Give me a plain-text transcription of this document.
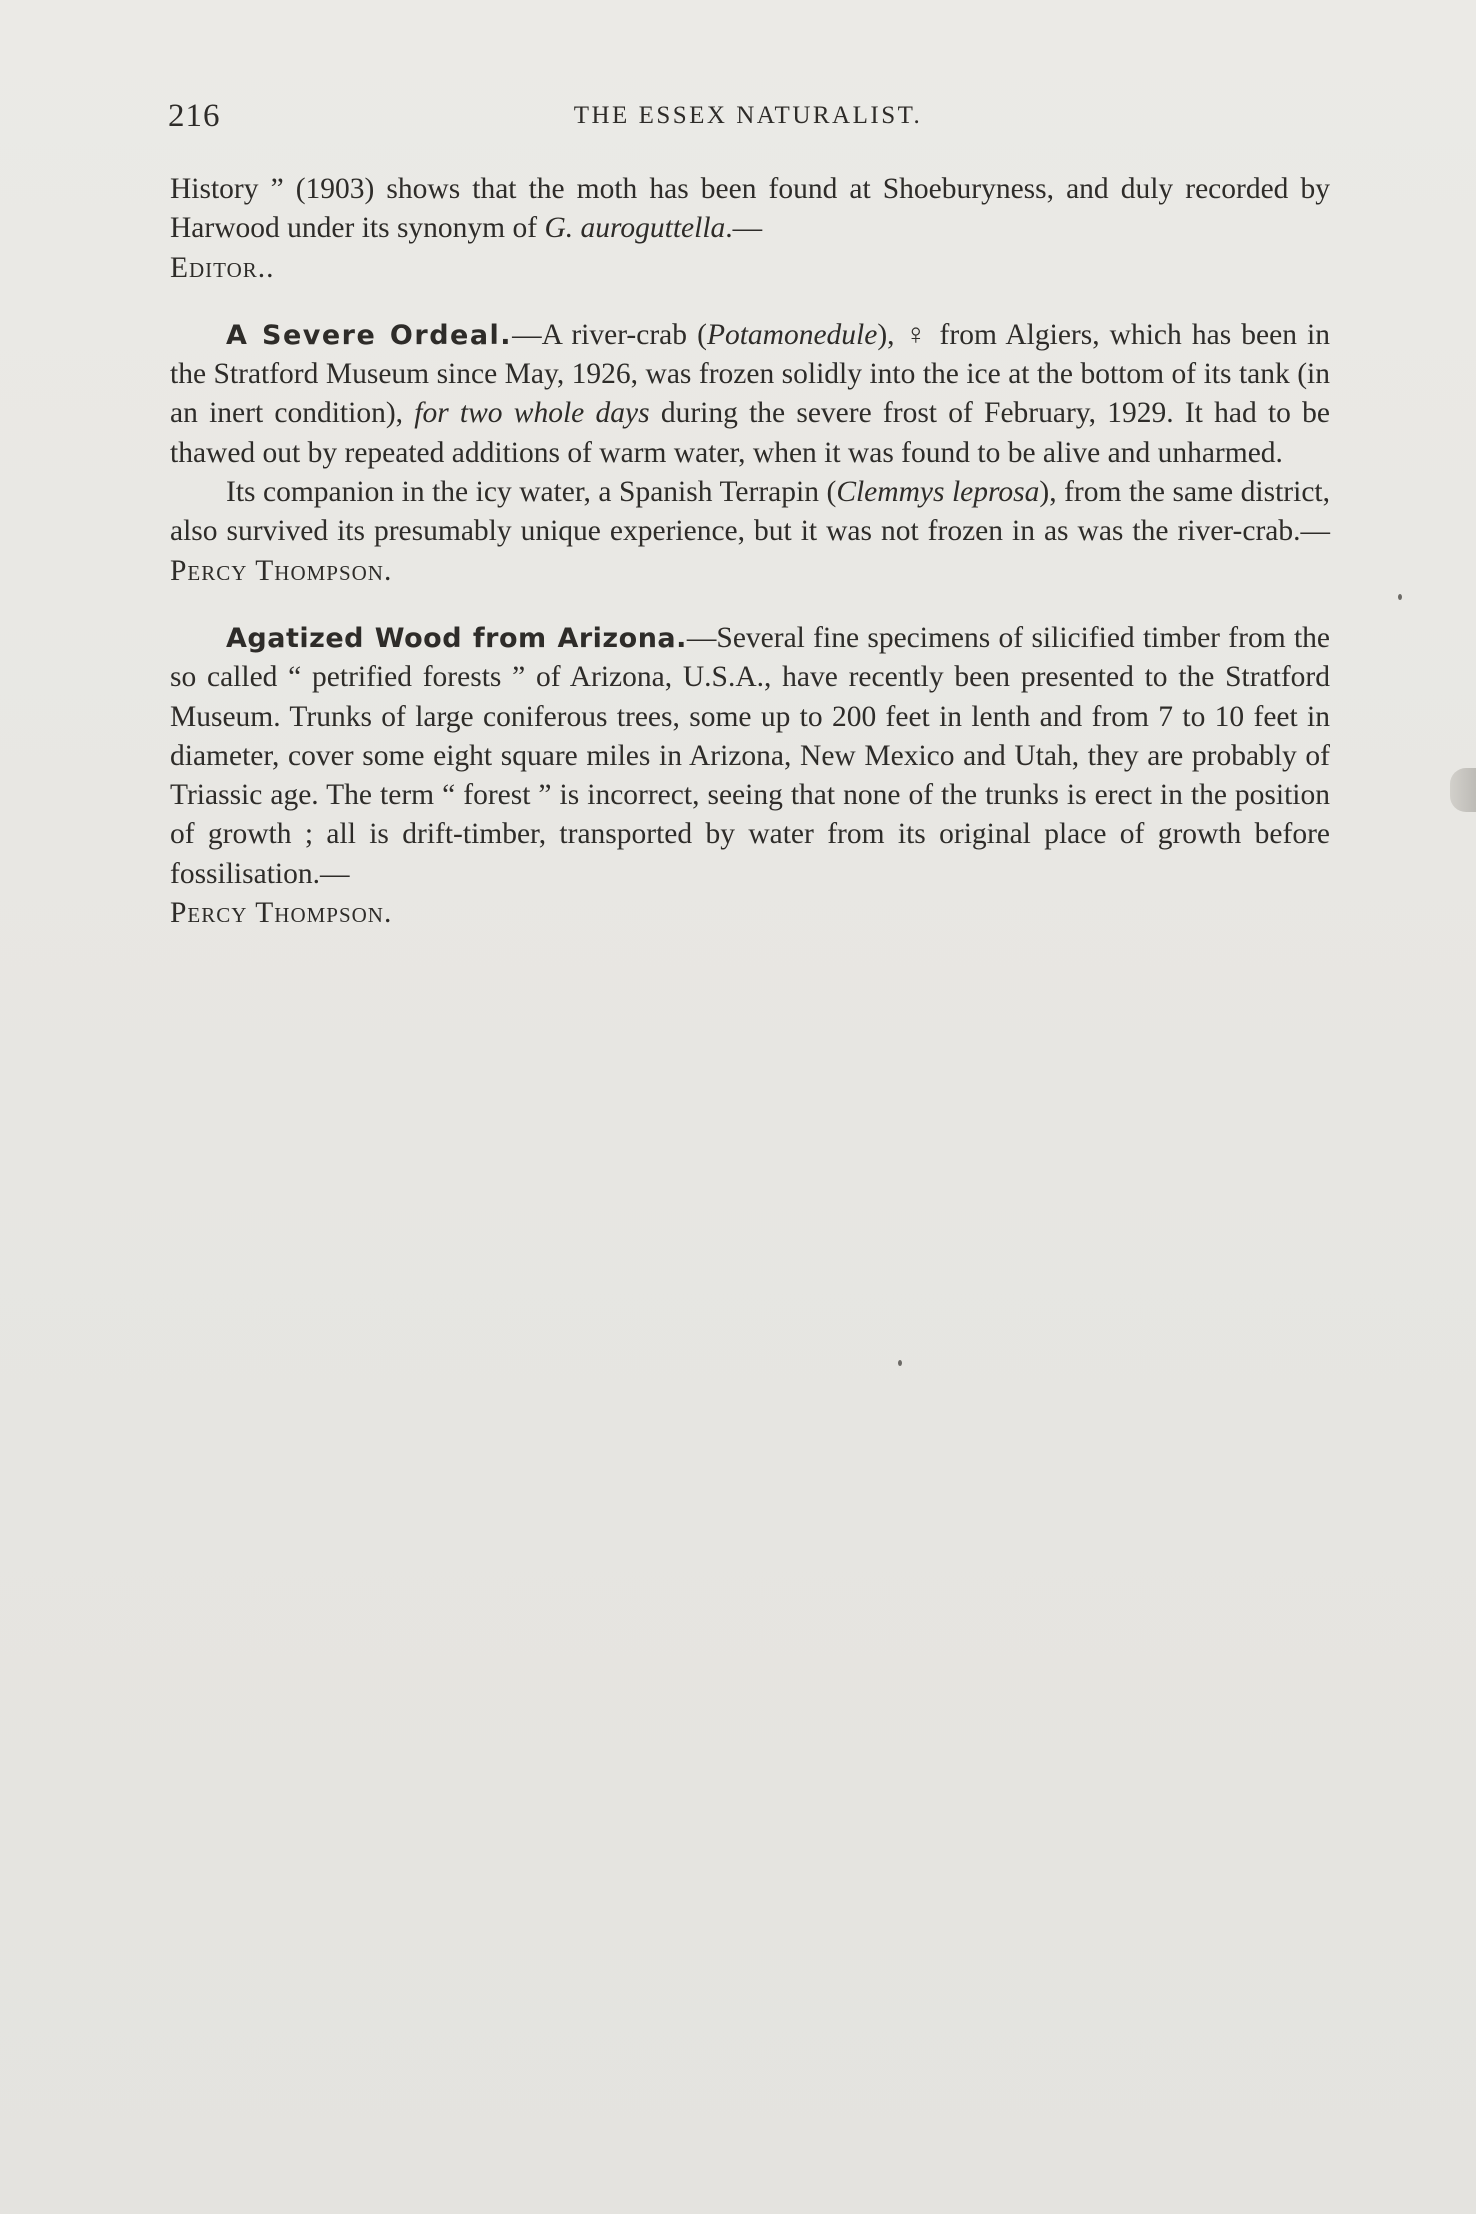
216	THE ESSEX NATURALIST.

History ” (1903) shows that the moth has been found at Shoeburyness, and duly recorded by Harwood under its synonym of G. auroguttella.—
Editor..

A Severe Ordeal.—A river-crab (Potamonedule), ♀ from Algiers, which has been in the Stratford Museum since May, 1926, was frozen solidly into the ice at the bottom of its tank (in an inert condition), for two whole days during the severe frost of February, 1929. It had to be thawed out by repeated additions of warm water, when it was found to be alive and unharmed.

Its companion in the icy water, a Spanish Terrapin (Clemmys leprosa), from the same district, also survived its presumably unique experience, but it was not frozen in as was the river-crab.—Percy Thompson.

Agatized Wood from Arizona.—Several fine specimens of silicified timber from the so called “ petrified forests ” of Arizona, U.S.A., have recently been presented to the Stratford Museum. Trunks of large coniferous trees, some up to 200 feet in lenth and from 7 to 10 feet in diameter, cover some eight square miles in Arizona, New Mexico and Utah, they are probably of Triassic age. The term “ forest ” is incorrect, seeing that none of the trunks is erect in the position of growth ; all is drift-timber, transported by water from its original place of growth before fossilisation.—
Percy Thompson.
